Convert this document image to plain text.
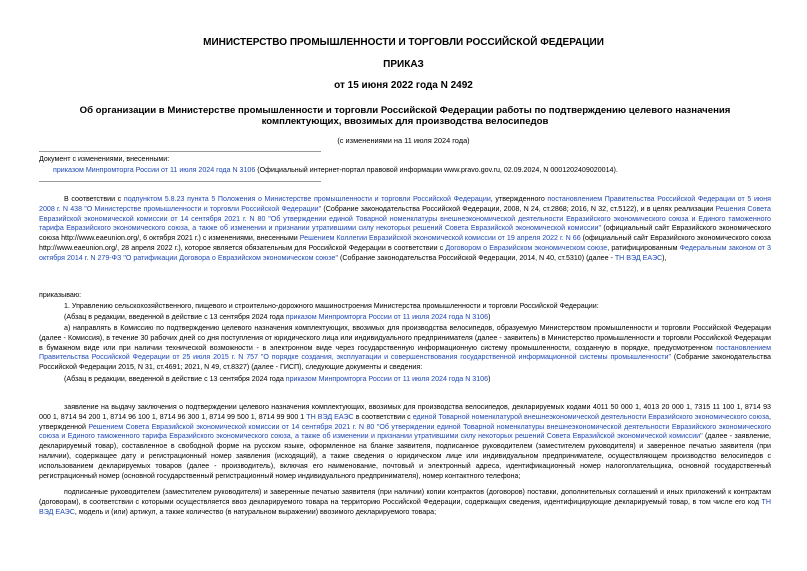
МИНИСТЕРСТВО ПРОМЫШЛЕННОСТИ И ТОРГОВЛИ РОССИЙСКОЙ ФЕДЕРАЦИИ
ПРИКАЗ
от 15 июня 2022 года N 2492
Об организации в Министерстве промышленности и торговли Российской Федерации работы по подтверждению целевого назначения комплектующих, ввозимых для производства велосипедов
(с изменениями на 11 июля 2024 года)
Документ с изменениями, внесенными:
приказом Минпромторга России от 11 июля 2024 года N 3106 (Официальный интернет-портал правовой информации www.pravo.gov.ru, 02.09.2024, N 0001202409020014).
В соответствии с подпунктом 5.8.23 пункта 5 Положения о Министерстве промышленности и торговли Российской Федерации, утвержденного постановлением Правительства Российской Федерации от 5 июня 2008 г. N 438 "О Министерстве промышленности и торговли Российской Федерации" (Собрание законодательства Российской Федерации, 2008, N 24, ст.2868; 2016, N 32, ст.5122), и в целях реализации Решения Совета Евразийской экономической комиссии от 14 сентября 2021 г. N 80 "Об утверждении единой Товарной номенклатуры внешнеэкономической деятельности Евразийского экономического союза и Единого таможенного тарифа Евразийского экономического союза, а также об изменении и признании утратившими силу некоторых решений Совета Евразийской экономической комиссии" (официальный сайт Евразийского экономического союза http://www.eaeunion.org/, 6 октября 2021 г.) с изменениями, внесенными Решением Коллегии Евразийской экономической комиссии от 19 апреля 2022 г. N 66 (официальный сайт Евразийского экономического союза http://www.eaeunion.org/, 28 апреля 2022 г.), которое является обязательным для Российской Федерации в соответствии с Договором о Евразийском экономическом союзе, ратифицированным Федеральным законом от 3 октября 2014 г. N 279-ФЗ "О ратификации Договора о Евразийском экономическом союзе" (Собрание законодательства Российской Федерации, 2014, N 40, ст.5310) (далее - ТН ВЭД ЕАЭС),
приказываю:
1. Управлению сельскохозяйственного, пищевого и строительно-дорожного машиностроения Министерства промышленности и торговли Российской Федерации:
(Абзац в редакции, введенной в действие с 13 сентября 2024 года приказом Минпромторга России от 11 июля 2024 года N 3106)
а) направлять в Комиссию по подтверждению целевого назначения комплектующих, ввозимых для производства велосипедов, образуемую Министерством промышленности и торговли Российской Федерации (далее - Комиссия), в течение 30 рабочих дней со дня поступления от юридического лица или индивидуального предпринимателя (далее - заявитель) в Министерство промышленности и торговли Российской Федерации в бумажном виде или при наличии технической возможности - в электронном виде через государственную информационную систему промышленности, созданную в порядке, предусмотренном постановлением Правительства Российской Федерации от 25 июля 2015 г. N 757 "О порядке создания, эксплуатации и совершенствования государственной информационной системы промышленности" (Собрание законодательства Российской Федерации 2015, N 31, ст.4691; 2021, N 49, ст.8327) (далее - ГИСП), следующие документы и сведения:
(Абзац в редакции, введенной в действие с 13 сентября 2024 года приказом Минпромторга России от 11 июля 2024 года N 3106)
заявление на выдачу заключения о подтверждении целевого назначения комплектующих, ввозимых для производства велосипедов, декларируемых кодами 4011 50 000 1, 4013 20 000 1, 7315 11 100 1, 8714 93 000 1, 8714 94 200 1, 8714 96 100 1, 8714 96 300 1, 8714 99 500 1, 8714 99 900 1 ТН ВЭД ЕАЭС в соответствии с единой Товарной номенклатурой внешнеэкономической деятельности Евразийского экономического союза, утвержденной Решением Совета Евразийской экономической комиссии от 14 сентября 2021 г. N 80 "Об утверждении единой Товарной номенклатуры внешнеэкономической деятельности Евразийского экономического союза и Единого таможенного тарифа Евразийского экономического союза, а также об изменении и признании утратившими силу некоторых решений Совета Евразийской экономической комиссии" (далее - заявление, декларируемый товар), составленное в свободной форме на русском языке, оформленное на бланке заявителя, подписанное руководителем (заместителем руководителя) и заверенное печатью заявителя (при наличии), содержащее дату и регистрационный номер заявления (исходящий), а также сведения о юридическом лице или индивидуальном предпринимателе, осуществляющем производство велосипедов с использованием декларируемых товаров (далее - производитель), включая его наименование, почтовый и электронный адреса, идентификационный номер налогоплательщика, основной государственный регистрационный номер (основной государственный регистрационный номер индивидуального предпринимателя), номер контактного телефона;
подписанные руководителем (заместителем руководителя) и заверенные печатью заявителя (при наличии) копии контрактов (договоров) поставки, дополнительных соглашений и иных приложений к контрактам (договорам), в соответствии с которыми осуществляется ввоз декларируемого товара на территорию Российской Федерации, содержащих сведения, идентифицирующие декларируемый товар, в том числе его код ТН ВЭД ЕАЭС, модель и (или) артикул, а также количество (в натуральном выражении) ввозимого декларируемого товара;
